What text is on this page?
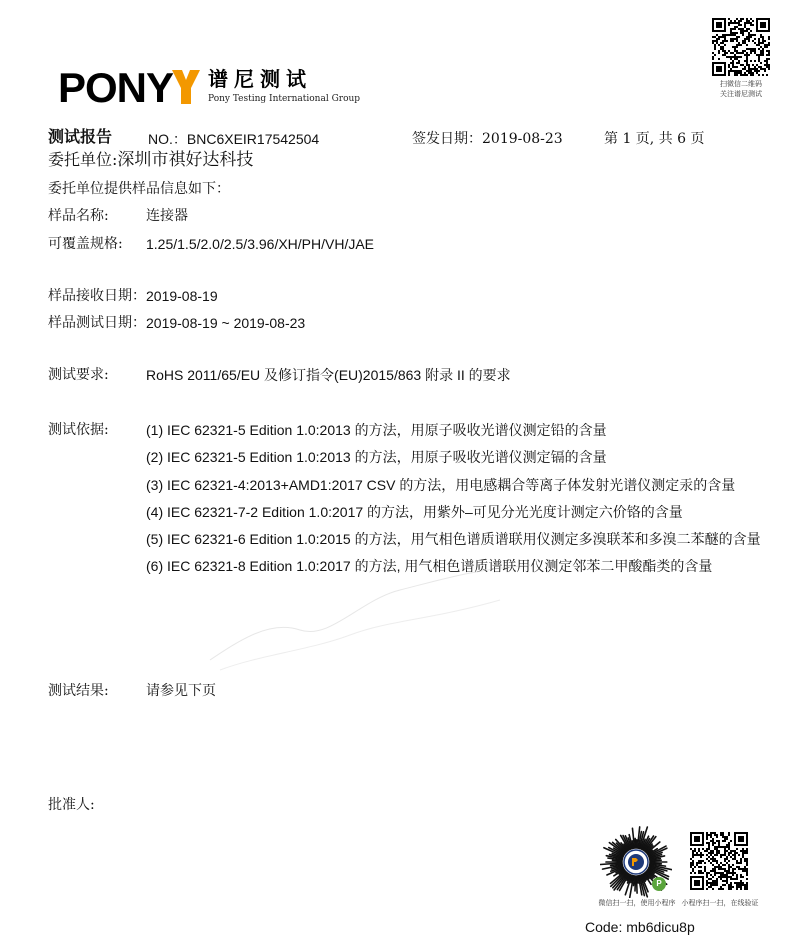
PONY 谱尼测试
Pony Testing International Group
扫微信二维码
关注谱尼测试
测试报告	NO.：BNC6XEIR17542504	签发日期：2019-08-23	第 1 页, 共 6 页
委托单位:深圳市祺好达科技
委托单位提供样品信息如下：
样品名称:	连接器
可覆盖规格: 1.25/1.5/2.0/2.5/3.96/XH/PH/VH/JAE
样品接收日期： 2019-08-19
样品测试日期： 2019-08-19 ~ 2019-08-23
测试要求:	RoHS 2011/65/EU 及修订指令(EU)2015/863 附录 II 的要求
测试依据:	(1) IEC 62321-5 Edition 1.0:2013 的方法，用原子吸收光谱仪测定铅的含量
(2) IEC 62321-5 Edition 1.0:2013 的方法，用原子吸收光谱仪测定镉的含量
(3) IEC 62321-4:2013+AMD1:2017 CSV 的方法，用电感耦合等离子体发射光谱仪测定汞的含量
(4) IEC 62321-7-2 Edition 1.0:2017 的方法，用紫外–可见分光光度计测定六价铬的含量
(5) IEC 62321-6 Edition 1.0:2015 的方法，用气相色谱质谱联用仪测定多溴联苯和多溴二苯醚的含量
(6) IEC 62321-8 Edition 1.0:2017 的方法, 用气相色谱质谱联用仪测定邻苯二甲酸酯类的含量
测试结果:	请参见下页
批准人:
P
微信扫一扫，使用小程序 小程序扫一扫，在线验证
Code: mb6dicu8p
